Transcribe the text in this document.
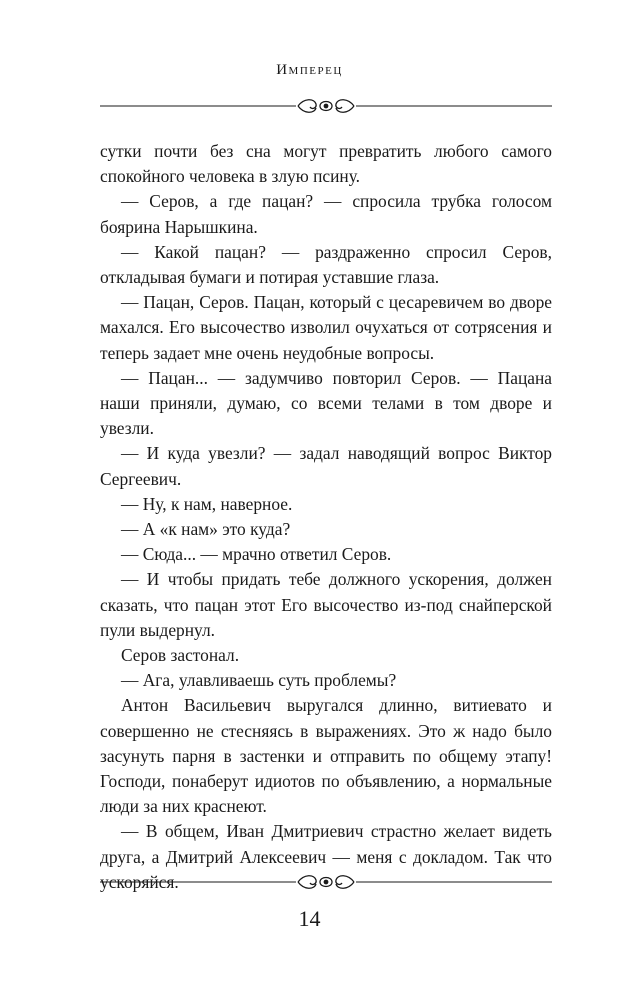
Имперец

сутки почти без сна могут превратить любого самого спокойного человека в злую псину.

— Серов, а где пацан? — спросила трубка голосом боярина Нарышкина.

— Какой пацан? — раздраженно спросил Серов, откладывая бумаги и потирая уставшие глаза.

— Пацан, Серов. Пацан, который с цесаревичем во дворе махался. Его высочество изволил очухаться от сотрясения и теперь задает мне очень неудобные вопросы.

— Пацан... — задумчиво повторил Серов. — Пацана наши приняли, думаю, со всеми телами в том дворе и увезли.

— И куда увезли? — задал наводящий вопрос Виктор Сергеевич.

— Ну, к нам, наверное.

— А «к нам» это куда?

— Сюда... — мрачно ответил Серов.

— И чтобы придать тебе должного ускорения, должен сказать, что пацан этот Его высочество из-под снайперской пули выдернул.

Серов застонал.

— Ага, улавливаешь суть проблемы?

Антон Васильевич выругался длинно, витиевато и совершенно не стесняясь в выражениях. Это ж надо было засунуть парня в застенки и отправить по общему этапу! Господи, понаберут идиотов по объявлению, а нормальные люди за них краснеют.

— В общем, Иван Дмитриевич страстно желает видеть друга, а Дмитрий Алексеевич — меня с докладом. Так что ускоряйся.

14
